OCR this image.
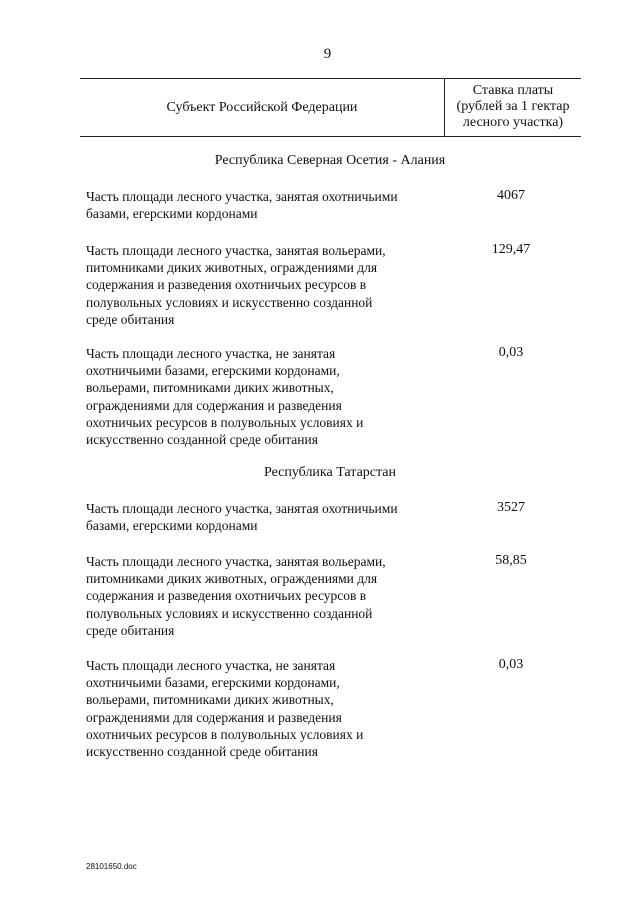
9
Субъект Российской Федерации
Ставка платы
(рублей за 1 гектар
лесного участка)
Республика Северная Осетия - Алания
Часть площади лесного участка, занятая охотничьими
базами, егерскими кордонами
4067
Часть площади лесного участка, занятая вольерами,
питомниками диких животных, ограждениями для
содержания и разведения охотничьих ресурсов в
полувольных условиях и искусственно созданной
среде обитания
129,47
Часть площади лесного участка, не занятая
охотничьими базами, егерскими кордонами,
вольерами, питомниками диких животных,
ограждениями для содержания и разведения
охотничьих ресурсов в полувольных условиях и
искусственно созданной среде обитания
0,03
Республика Татарстан
Часть площади лесного участка, занятая охотничьими
базами, егерскими кордонами
3527
Часть площади лесного участка, занятая вольерами,
питомниками диких животных, ограждениями для
содержания и разведения охотничьих ресурсов в
полувольных условиях и искусственно созданной
среде обитания
58,85
Часть площади лесного участка, не занятая
охотничьими базами, егерскими кордонами,
вольерами, питомниками диких животных,
ограждениями для содержания и разведения
охотничьих ресурсов в полувольных условиях и
искусственно созданной среде обитания
0,03
28101650.doc
